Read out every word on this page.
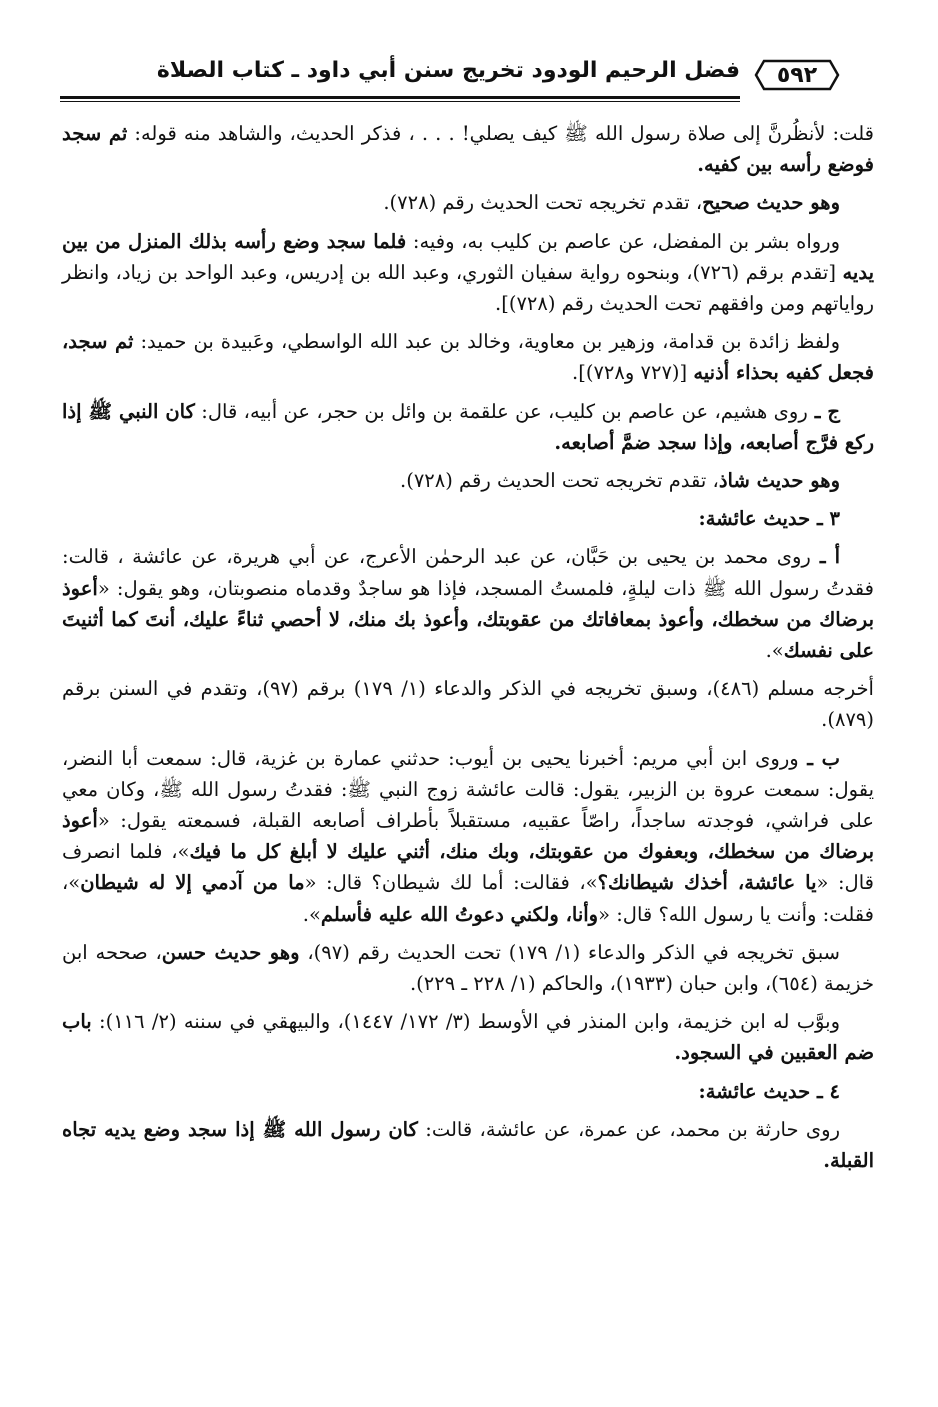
فضل الرحيم الودود تخريج سنن أبي داود ـ كتاب الصلاة ٥٩٢

قلت: لأنظُرنَّ إلى صلاة رسول الله ﷺ كيف يصلي! . . . ، فذكر الحديث، والشاهد منه قوله: ثم سجد فوضع رأسه بين كفيه.

وهو حديث صحيح، تقدم تخريجه تحت الحديث رقم (٧٢٨).

ورواه بشر بن المفضل، عن عاصم بن كليب به، وفيه: فلما سجد وضع رأسه بذلك المنزل من بين يديه [تقدم برقم (٧٢٦)، وبنحوه رواية سفيان الثوري، وعبد الله بن إدريس، وعبد الواحد بن زياد، وانظر رواياتهم ومن وافقهم تحت الحديث رقم (٧٢٨)].

ولفظ زائدة بن قدامة، وزهير بن معاوية، وخالد بن عبد الله الواسطي، وعَبيدة بن حميد: ثم سجد، فجعل كفيه بحذاء أذنيه [(٧٢٧ و٧٢٨)].

ج ـ روى هشيم، عن عاصم بن كليب، عن علقمة بن وائل بن حجر، عن أبيه، قال: كان النبي ﷺ إذا ركع فرَّج أصابعه، وإذا سجد ضمَّ أصابعه.

وهو حديث شاذ، تقدم تخريجه تحت الحديث رقم (٧٢٨).

٣ ـ حديث عائشة:

أ ـ روى محمد بن يحيى بن حَبَّان، عن عبد الرحمٰن الأعرج، عن أبي هريرة، عن عائشة ، قالت: فقدتُ رسول الله ﷺ ذات ليلةٍ، فلمستُ المسجد، فإذا هو ساجدٌ وقدماه منصوبتان، وهو يقول: «أعوذ برضاك من سخطك، وأعوذ بمعافاتك من عقوبتك، وأعوذ بك منك، لا أحصي ثناءً عليك، أنتَ كما أثنيتَ على نفسك».

أخرجه مسلم (٤٨٦)، وسبق تخريجه في الذكر والدعاء (١/ ١٧٩) برقم (٩٧)، وتقدم في السنن برقم (٨٧٩).

ب ـ وروى ابن أبي مريم: أخبرنا يحيى بن أيوب: حدثني عمارة بن غزية، قال: سمعت أبا النضر، يقول: سمعت عروة بن الزبير، يقول: قالت عائشة زوج النبي ﷺ: فقدتُ رسول الله ﷺ، وكان معي على فراشي، فوجدته ساجداً، راصّاً عقبيه، مستقبلاً بأطراف أصابعه القبلة، فسمعته يقول: «أعوذ برضاك من سخطك، وبعفوك من عقوبتك، وبك منك، أثني عليك لا أبلغ كل ما فيك»، فلما انصرف قال: «يا عائشة، أخذك شيطانك؟»، فقالت: أما لك شيطان؟ قال: «ما من آدمي إلا له شيطان»، فقلت: وأنت يا رسول الله؟ قال: «وأنا، ولكني دعوتُ الله عليه فأسلم».

سبق تخريجه في الذكر والدعاء (١/ ١٧٩) تحت الحديث رقم (٩٧)، وهو حديث حسن، صححه ابن خزيمة (٦٥٤)، وابن حبان (١٩٣٣)، والحاكم (١/ ٢٢٨ ـ ٢٢٩).

وبوَّب له ابن خزيمة، وابن المنذر في الأوسط (٣/ ١٧٢/ ١٤٤٧)، والبيهقي في سننه (٢/ ١١٦): باب ضم العقبين في السجود.

٤ ـ حديث عائشة:

روى حارثة بن محمد، عن عمرة، عن عائشة، قالت: كان رسول الله ﷺ إذا سجد وضع يديه تجاه القبلة.
